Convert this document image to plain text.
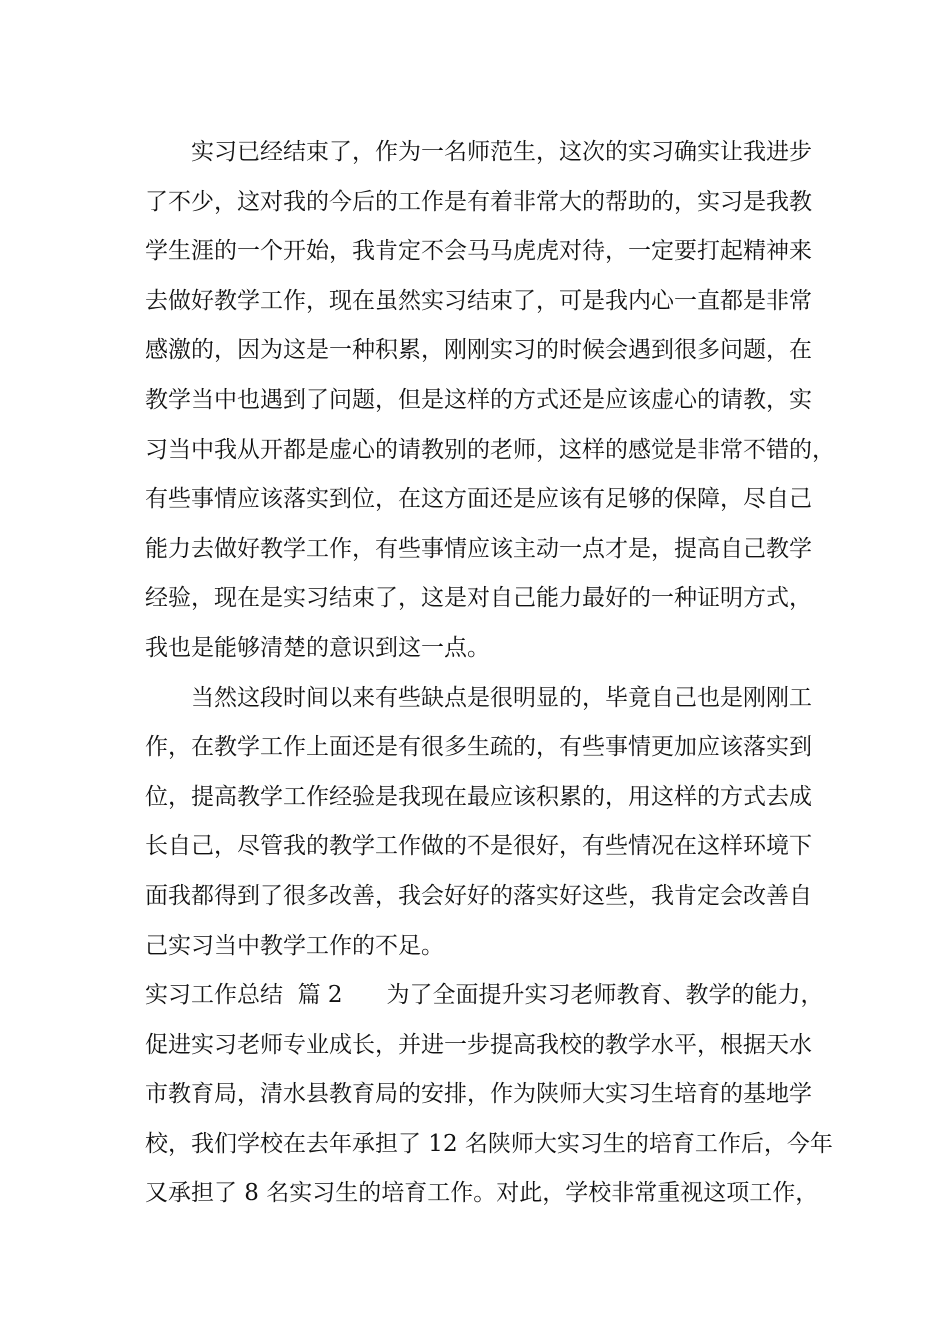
实习已经结束了，作为一名师范生，这次的实习确实让我进步
了不少，这对我的今后的工作是有着非常大的帮助的，实习是我教
学生涯的一个开始，我肯定不会马马虎虎对待，一定要打起精神来
去做好教学工作，现在虽然实习结束了，可是我内心一直都是非常
感激的，因为这是一种积累，刚刚实习的时候会遇到很多问题，在
教学当中也遇到了问题，但是这样的方式还是应该虚心的请教，实
习当中我从开都是虚心的请教别的老师，这样的感觉是非常不错的，
有些事情应该落实到位，在这方面还是应该有足够的保障，尽自己
能力去做好教学工作，有些事情应该主动一点才是，提高自己教学
经验，现在是实习结束了，这是对自己能力最好的一种证明方式，
我也是能够清楚的意识到这一点。
当然这段时间以来有些缺点是很明显的，毕竟自己也是刚刚工
作，在教学工作上面还是有很多生疏的，有些事情更加应该落实到
位，提高教学工作经验是我现在最应该积累的，用这样的方式去成
长自己，尽管我的教学工作做的不是很好，有些情况在这样环境下
面我都得到了很多改善，我会好好的落实好这些，我肯定会改善自
己实习当中教学工作的不足。
实习工作总结  篇 2 为了全面提升实习老师教育、教学的能力，
促进实习老师专业成长，并进一步提高我校的教学水平，根据天水
市教育局，清水县教育局的安排，作为陕师大实习生培育的基地学
校，我们学校在去年承担了 12 名陕师大实习生的培育工作后，今年
又承担了 8 名实习生的培育工作。对此，学校非常重视这项工作，
